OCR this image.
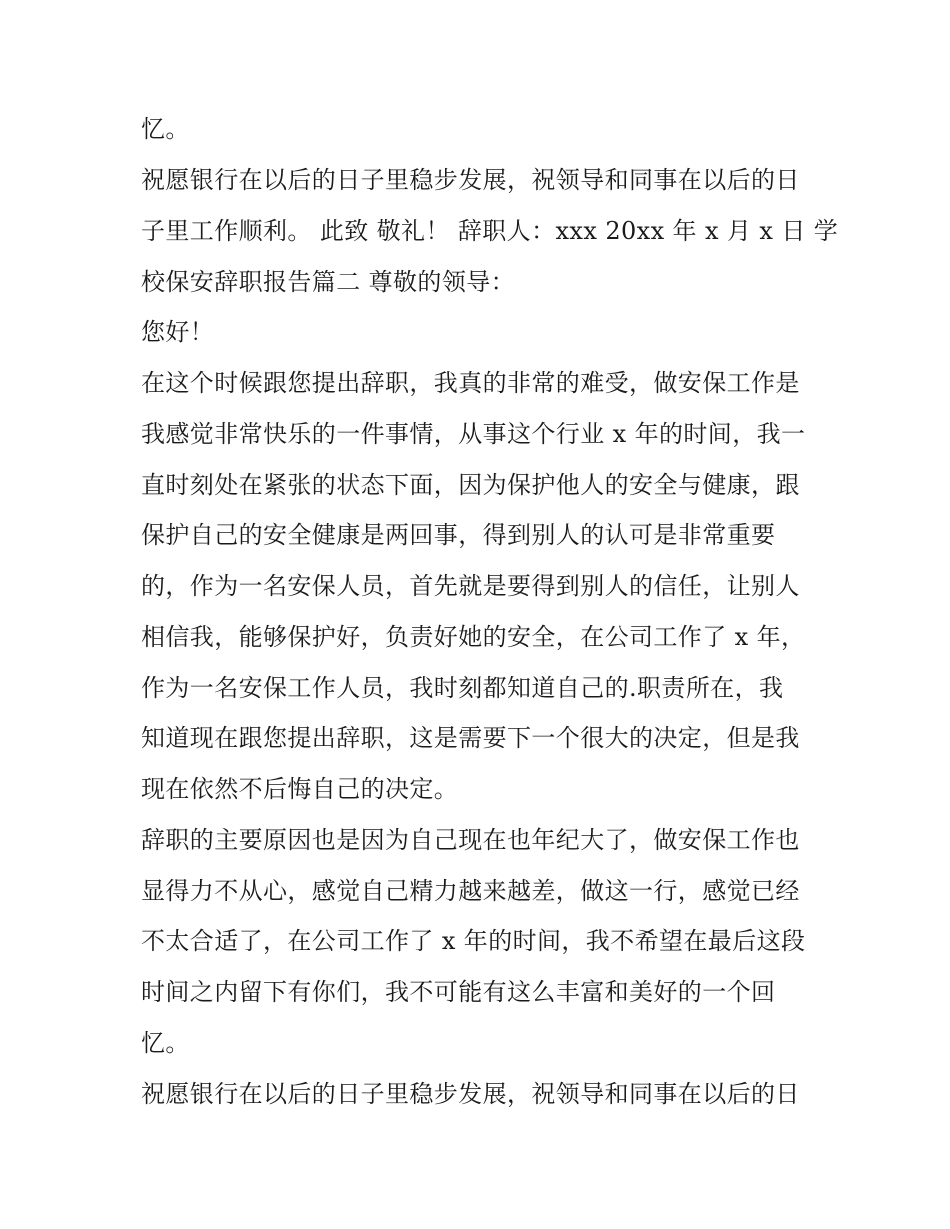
忆。

祝愿银行在以后的日子里稳步发展，祝领导和同事在以后的日

子里工作顺利。 此致 敬礼！ 辞职人：xxx 20xx 年 x 月 x 日 学

校保安辞职报告篇二 尊敬的领导：

您好！

在这个时候跟您提出辞职，我真的非常的难受，做安保工作是

我感觉非常快乐的一件事情，从事这个行业 x 年的时间，我一

直时刻处在紧张的状态下面，因为保护他人的安全与健康，跟

保护自己的安全健康是两回事，得到别人的认可是非常重要

的，作为一名安保人员，首先就是要得到别人的信任，让别人

相信我，能够保护好，负责好她的安全，在公司工作了 x 年，

作为一名安保工作人员，我时刻都知道自己的.职责所在，我

知道现在跟您提出辞职，这是需要下一个很大的决定，但是我

现在依然不后悔自己的决定。

辞职的主要原因也是因为自己现在也年纪大了，做安保工作也

显得力不从心，感觉自己精力越来越差，做这一行，感觉已经

不太合适了，在公司工作了 x 年的时间，我不希望在最后这段

时间之内留下有你们，我不可能有这么丰富和美好的一个回

忆。

祝愿银行在以后的日子里稳步发展，祝领导和同事在以后的日
